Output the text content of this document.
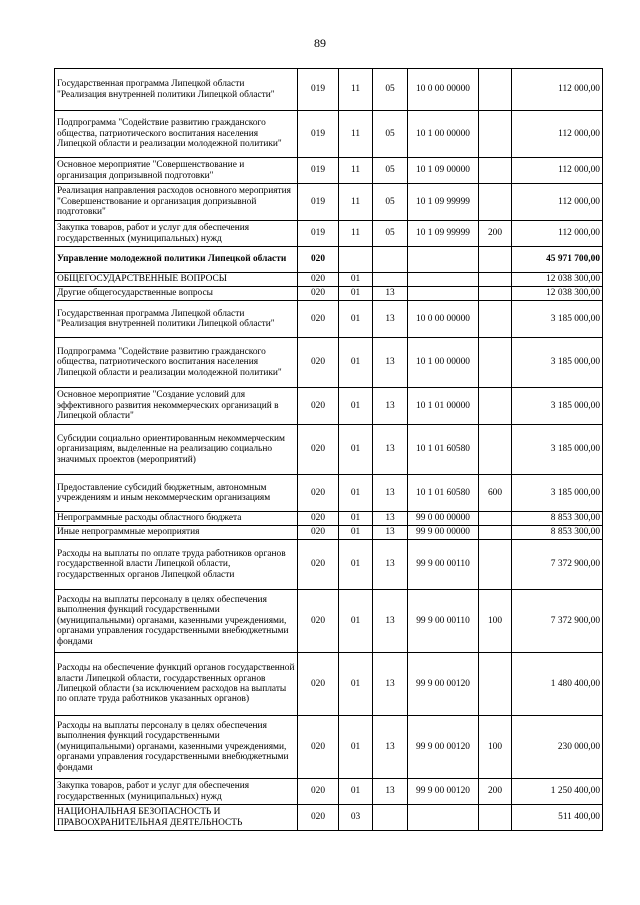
89
Государственная программа Липецкой области "Реализация внутренней политики Липецкой области"	019	11	05	10 0 00 00000		112 000,00
Подпрограмма "Содействие развитию гражданского общества, патриотического воспитания населения Липецкой области и реализации молодежной политики"	019	11	05	10 1 00 00000		112 000,00
Основное мероприятие "Совершенствование и организация допризывной подготовки"	019	11	05	10 1 09 00000		112 000,00
Реализация направления расходов основного мероприятия "Совершенствование и организация допризывной подготовки"	019	11	05	10 1 09 99999		112 000,00
Закупка товаров, работ и услуг для обеспечения государственных (муниципальных) нужд	019	11	05	10 1 09 99999	200	112 000,00
Управление молодежной политики Липецкой области	020					45 971 700,00
ОБЩЕГОСУДАРСТВЕННЫЕ ВОПРОСЫ	020	01				12 038 300,00
Другие общегосударственные вопросы	020	01	13			12 038 300,00
Государственная программа Липецкой области "Реализация внутренней политики Липецкой области"	020	01	13	10 0 00 00000		3 185 000,00
Подпрограмма "Содействие развитию гражданского общества, патриотического воспитания населения Липецкой области и реализации молодежной политики"	020	01	13	10 1 00 00000		3 185 000,00
Основное мероприятие "Создание условий для эффективного развития некоммерческих организаций в Липецкой области"	020	01	13	10 1 01 00000		3 185 000,00
Субсидии социально ориентированным некоммерческим организациям, выделенные на реализацию социально значимых проектов (мероприятий)	020	01	13	10 1 01 60580		3 185 000,00
Предоставление субсидий бюджетным, автономным учреждениям и иным некоммерческим организациям	020	01	13	10 1 01 60580	600	3 185 000,00
Непрограммные расходы областного бюджета	020	01	13	99 0 00 00000		8 853 300,00
Иные непрограммные мероприятия	020	01	13	99 9 00 00000		8 853 300,00
Расходы на выплаты по оплате труда работников органов государственной власти Липецкой области, государственных органов Липецкой области	020	01	13	99 9 00 00110		7 372 900,00
Расходы на выплаты персоналу в целях обеспечения выполнения функций государственными (муниципальными) органами, казенными учреждениями, органами управления государственными внебюджетными фондами	020	01	13	99 9 00 00110	100	7 372 900,00
Расходы на обеспечение функций органов государственной власти Липецкой области, государственных органов Липецкой области (за исключением расходов на выплаты по оплате труда работников указанных органов)	020	01	13	99 9 00 00120		1 480 400,00
Расходы на выплаты персоналу в целях обеспечения выполнения функций государственными (муниципальными) органами, казенными учреждениями, органами управления государственными внебюджетными фондами	020	01	13	99 9 00 00120	100	230 000,00
Закупка товаров, работ и услуг для обеспечения государственных (муниципальных) нужд	020	01	13	99 9 00 00120	200	1 250 400,00
НАЦИОНАЛЬНАЯ БЕЗОПАСНОСТЬ И ПРАВООХРАНИТЕЛЬНАЯ ДЕЯТЕЛЬНОСТЬ	020	03				511 400,00
